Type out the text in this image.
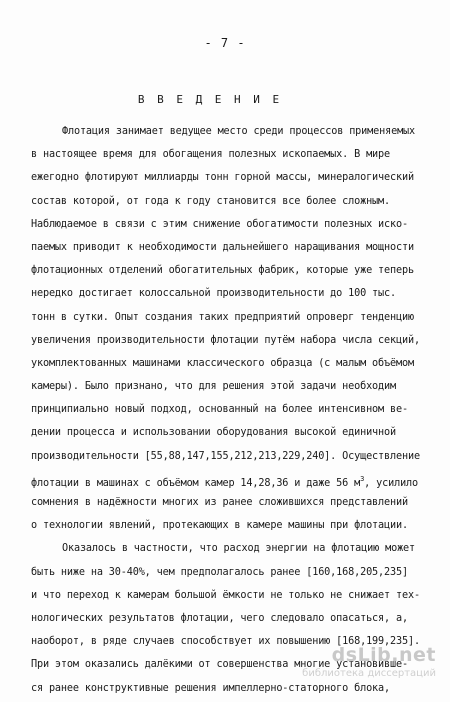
- 7 -
В В Е Д Е Н И Е
Флотация занимает ведущее место среди процессов применяемых
в настоящее время для обогащения полезных ископаемых. В мире
ежегодно флотируют миллиарды тонн горной массы, минералогический
состав которой, от года к году становится все более сложным.
Наблюдаемое в связи с этим снижение обогатимости полезных иско-
паемых приводит к необходимости дальнейшего наращивания мощности
флотационных отделений обогатительных фабрик, которые уже теперь
нередко достигает колоссальной производительности до 100 тыс.
тонн в сутки. Опыт создания таких предприятий опроверг тенденцию
увеличения производительности флотации путём набора числа секций,
укомплектованных машинами классического образца (с малым объёмом
камеры). Было признано, что для решения этой задачи необходим
принципиально новый подход, основанный на более интенсивном ве-
дении процесса и использовании оборудования высокой единичной
производительности [55,88,147,155,212,213,229,240]. Осуществление
флотации в машинах с объёмом камер 14,28,36 и даже 56 $м^3$, усилило
сомнения в надёжности многих из ранее сложившихся представлений
о технологии явлений, протекающих в камере машины при флотации.
Оказалось в частности, что расход энергии на флотацию может
быть ниже на 30-40%, чем предполагалось ранее [160,168,205,235]
и что переход к камерам большой ёмкости не только не снижает тех-
нологических результатов флотации, чего следовало опасаться, а,
наоборот, в ряде случаев способствует их повышению [168,199,235].
При этом оказались далёкими от совершенства многие установивше-
ся ранее конструктивные решения импеллерно-статорного блока,
dsLib.net
библиотека диссертаций
